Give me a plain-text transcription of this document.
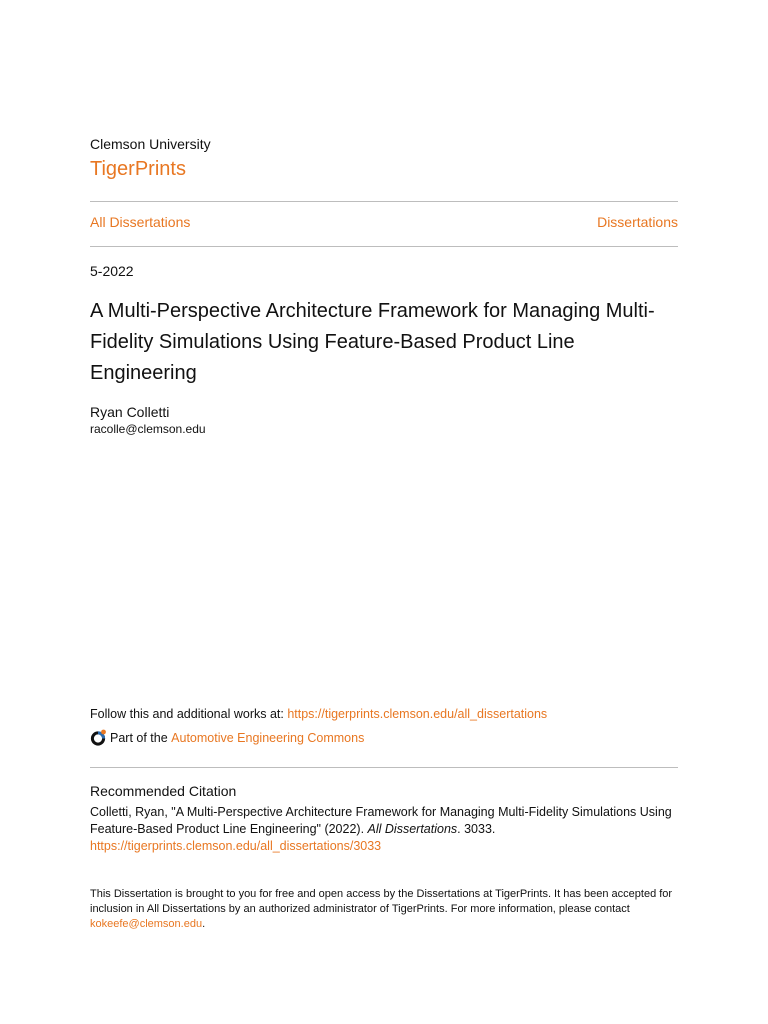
Clemson University
TigerPrints
All Dissertations	Dissertations
5-2022
A Multi-Perspective Architecture Framework for Managing Multi-Fidelity Simulations Using Feature-Based Product Line Engineering
Ryan Colletti
racolle@clemson.edu
Follow this and additional works at: https://tigerprints.clemson.edu/all_dissertations
Part of the
Automotive Engineering Commons
Recommended Citation
Colletti, Ryan, "A Multi-Perspective Architecture Framework for Managing Multi-Fidelity Simulations Using Feature-Based Product Line Engineering" (2022). All Dissertations. 3033.
https://tigerprints.clemson.edu/all_dissertations/3033
This Dissertation is brought to you for free and open access by the Dissertations at TigerPrints. It has been accepted for inclusion in All Dissertations by an authorized administrator of TigerPrints. For more information, please contact kokeefe@clemson.edu.
